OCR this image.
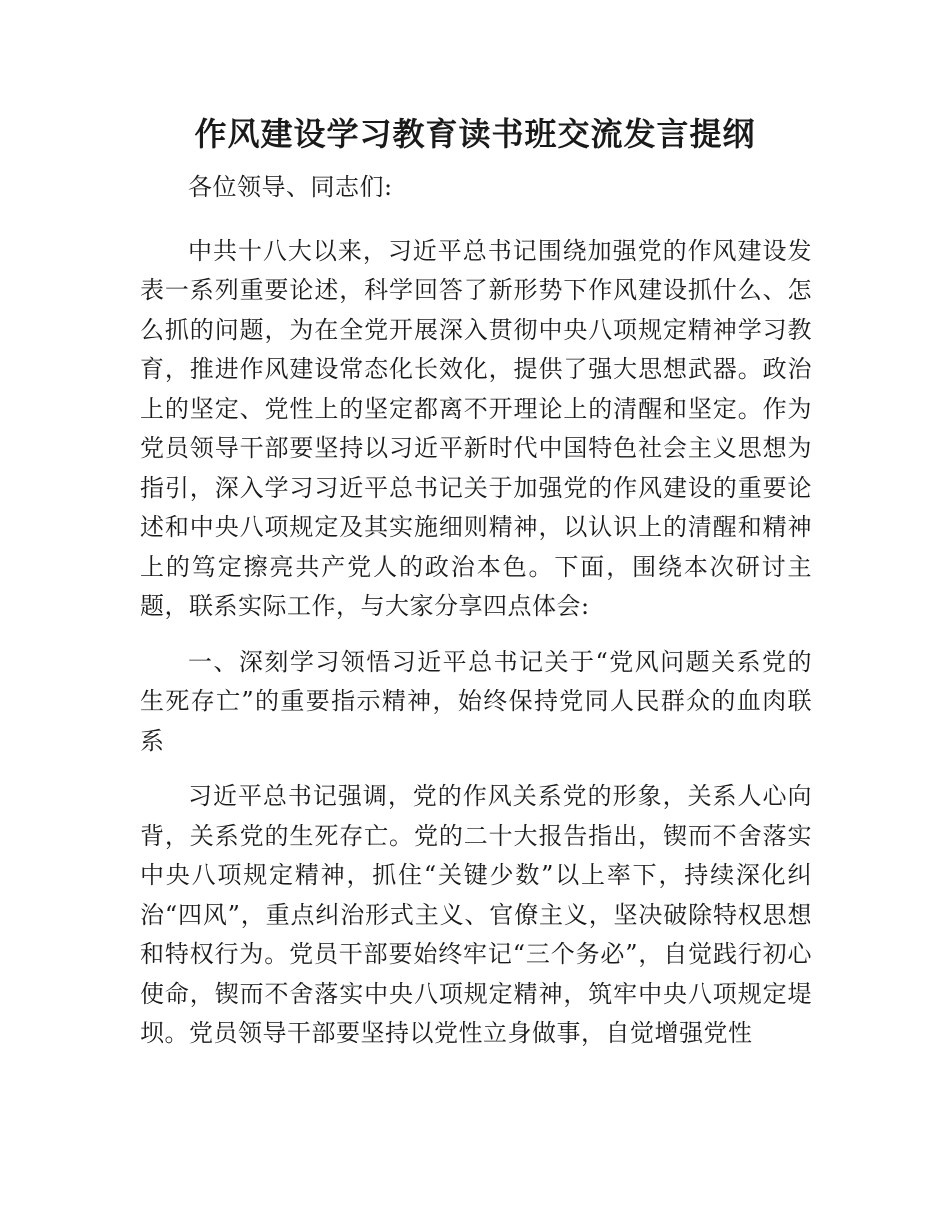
作风建设学习教育读书班交流发言提纲

各位领导、同志们:

中共十八大以来，习近平总书记围绕加强党的作风建设发表一系列重要论述，科学回答了新形势下作风建设抓什么、怎么抓的问题，为在全党开展深入贯彻中央八项规定精神学习教育，推进作风建设常态化长效化，提供了强大思想武器。政治上的坚定、党性上的坚定都离不开理论上的清醒和坚定。作为党员领导干部要坚持以习近平新时代中国特色社会主义思想为指引，深入学习习近平总书记关于加强党的作风建设的重要论述和中央八项规定及其实施细则精神，以认识上的清醒和精神上的笃定擦亮共产党人的政治本色。下面，围绕本次研讨主题，联系实际工作，与大家分享四点体会:

一、深刻学习领悟习近平总书记关于“党风问题关系党的生死存亡”的重要指示精神，始终保持党同人民群众的血肉联系

习近平总书记强调，党的作风关系党的形象，关系人心向背，关系党的生死存亡。党的二十大报告指出，锲而不舍落实中央八项规定精神，抓住“关键少数”以上率下，持续深化纠治“四风”，重点纠治形式主义、官僚主义，坚决破除特权思想和特权行为。党员干部要始终牢记“三个务必”，自觉践行初心使命，锲而不舍落实中央八项规定精神，筑牢中央八项规定堤坝。党员领导干部要坚持以党性立身做事，自觉增强党性
